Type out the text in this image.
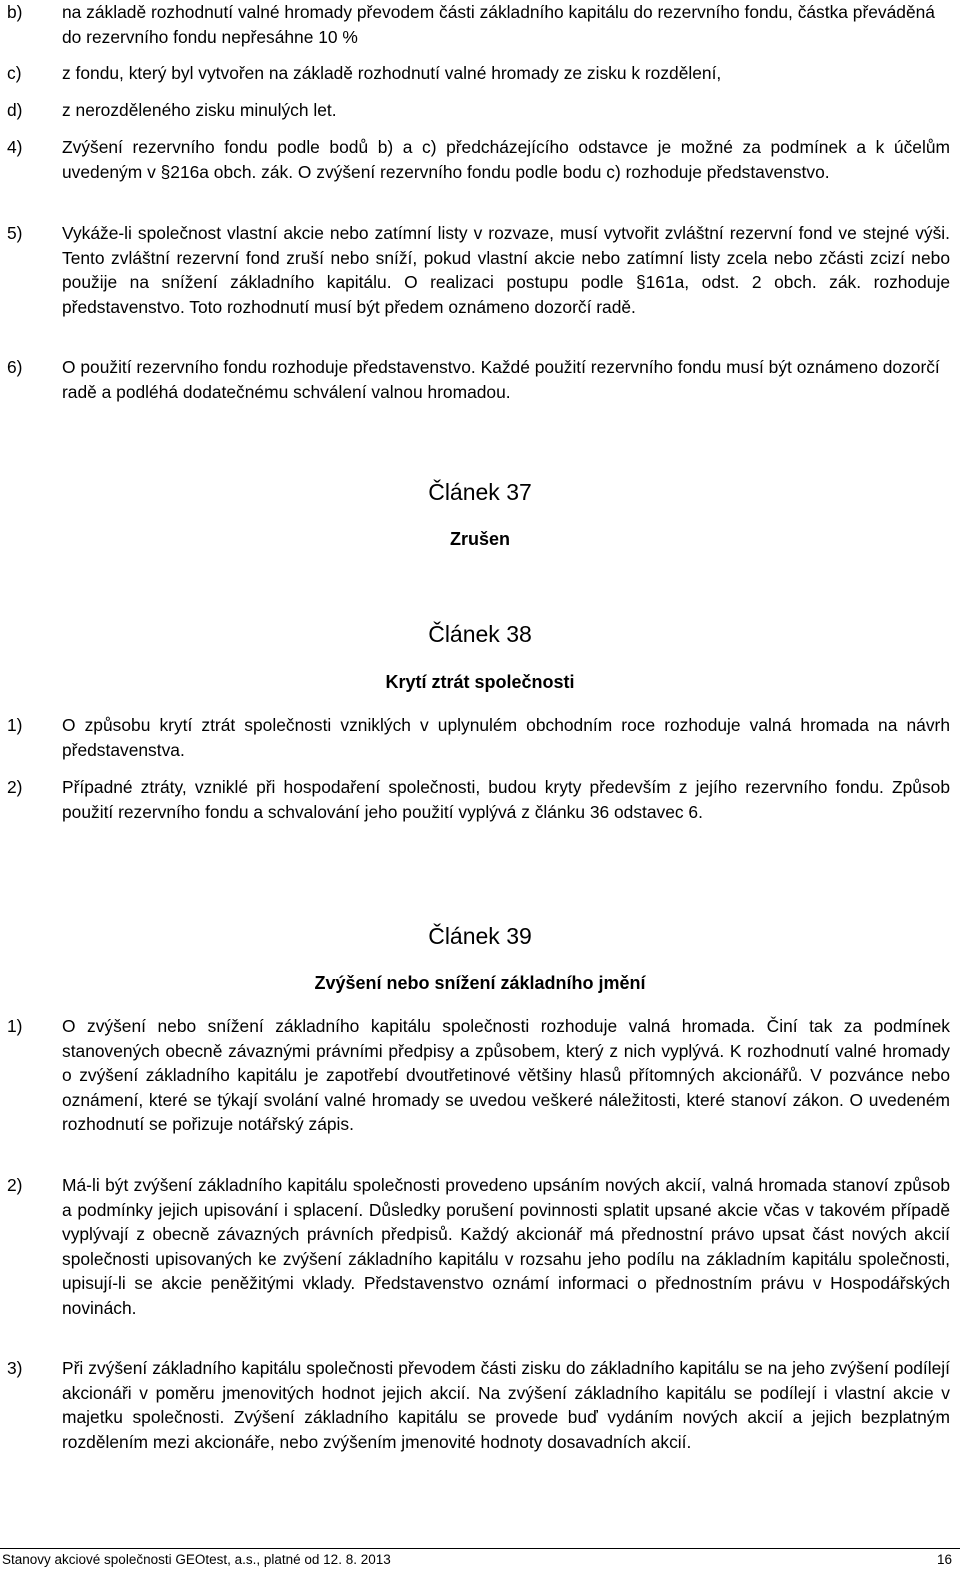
b)	na základě rozhodnutí valné hromady převodem části základního kapitálu do rezervního fondu, částka převáděná do rezervního fondu nepřesáhne 10 %
c)	z fondu, který byl vytvořen na základě rozhodnutí valné hromady ze zisku k rozdělení,
d)	z nerozděleného zisku minulých let.
4)	Zvýšení rezervního fondu podle bodů b) a c) předcházejícího odstavce je možné za podmínek a k účelům uvedeným v §216a obch. zák. O zvýšení rezervního fondu podle bodu c) rozhoduje představenstvo.
5)	Vykáže-li společnost vlastní akcie nebo zatímní listy v rozvaze, musí vytvořit zvláštní rezervní fond ve stejné výši. Tento zvláštní rezervní fond zruší nebo sníží, pokud vlastní akcie nebo zatímní listy zcela nebo zčásti zcizí nebo použije na snížení základního kapitálu. O realizaci postupu podle §161a, odst. 2 obch. zák. rozhoduje představenstvo. Toto rozhodnutí musí být předem oznámeno dozorčí radě.
6)	O použití rezervního fondu rozhoduje představenstvo. Každé použití rezervního fondu musí být oznámeno dozorčí radě a podléhá dodatečnému schválení valnou hromadou.
Článek 37
Zrušen
Článek 38
Krytí ztrát společnosti
1)	O způsobu krytí ztrát společnosti vzniklých v uplynulém obchodním roce rozhoduje valná hromada na návrh představenstva.
2)	Případné ztráty, vzniklé při hospodaření společnosti, budou kryty především z jejího rezervního fondu. Způsob použití rezervního fondu a schvalování jeho použití vyplývá z článku 36 odstavec 6.
Článek 39
Zvýšení nebo snížení základního jmění
1)	O zvýšení nebo snížení základního kapitálu společnosti rozhoduje valná hromada. Činí tak za podmínek stanovených obecně závaznými právními předpisy a způsobem, který z nich vyplývá. K rozhodnutí valné hromady o zvýšení základního kapitálu je zapotřebí dvoutřetinové většiny hlasů přítomných akcionářů. V pozvánce nebo oznámení, které se týkají svolání valné hromady se uvedou veškeré náležitosti, které stanoví zákon. O uvedeném rozhodnutí se pořizuje notářský zápis.
2)	Má-li být zvýšení základního kapitálu společnosti provedeno upsáním nových akcií, valná hromada stanoví způsob a podmínky jejich upisování i splacení. Důsledky porušení povinnosti splatit upsané akcie včas v takovém případě vyplývají z obecně závazných právních předpisů. Každý akcionář má přednostní právo upsat část nových akcií společnosti upisovaných ke zvýšení základního kapitálu v rozsahu jeho podílu na základním kapitálu společnosti, upisují-li se akcie peněžitými vklady. Představenstvo oznámí informaci o přednostním právu v Hospodářských novinách.
3)	Při zvýšení základního kapitálu společnosti převodem části zisku do základního kapitálu se na jeho zvýšení podílejí akcionáři v poměru jmenovitých hodnot jejich akcií. Na zvýšení základního kapitálu se podílejí i vlastní akcie v majetku společnosti. Zvýšení základního kapitálu se provede buď vydáním nových akcií a jejich bezplatným rozdělením mezi akcionáře, nebo zvýšením jmenovité hodnoty dosavadních akcií.
Stanovy akciové společnosti GEOtest, a.s., platné od 12. 8. 2013	16
